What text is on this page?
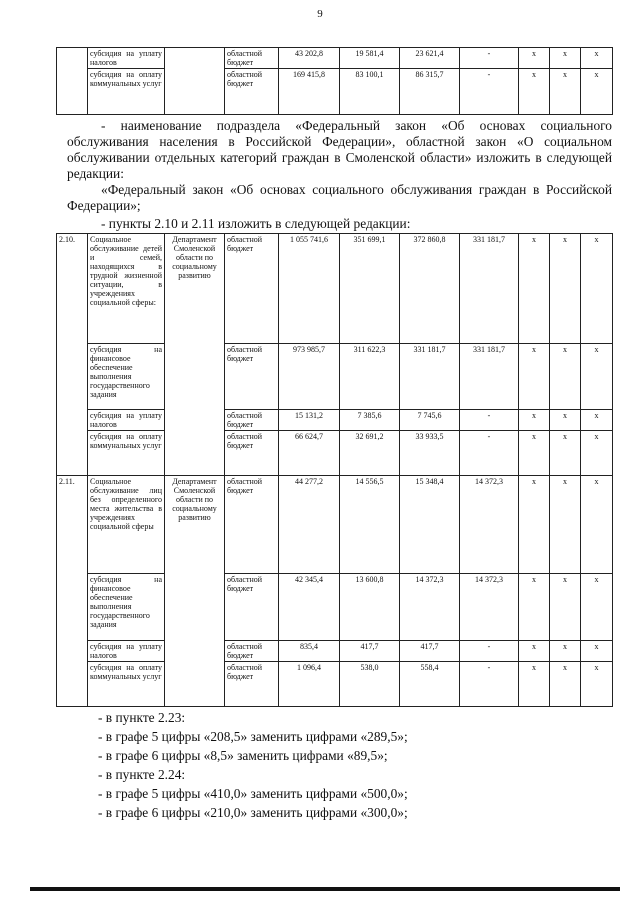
9
	субсидия на уплату налогов		областной бюджет	43 202,8	19 581,4	23 621,4	-	x	x	x
	субсидия на оплату коммунальных услуг		областной бюджет	169 415,8	83 100,1	86 315,7	-	x	x	x
- наименование подраздела «Федеральный закон «Об основах социального обслуживания населения в Российской Федерации», областной закон «О социальном обслуживании отдельных категорий граждан в Смоленской области» изложить в следующей редакции:
«Федеральный закон «Об основах социального обслуживания граждан в Российской Федерации»;
- пункты 2.10 и 2.11 изложить в следующей редакции:
2.10.	Социальное обслуживание детей и семей, находящихся в трудной жизненной ситуации, в учреждениях социальной сферы:	Департамент Смоленской области по социальному развитию	областной бюджет	1 055 741,6	351 699,1	372 860,8	331 181,7	x	x	x
	субсидия на финансовое обеспечение выполнения государственного задания		областной бюджет	973 985,7	311 622,3	331 181,7	331 181,7	x	x	x
	субсидия на уплату налогов		областной бюджет	15 131,2	7 385,6	7 745,6	-	x	x	x
	субсидия на оплату коммунальных услуг		областной бюджет	66 624,7	32 691,2	33 933,5	-	x	x	x
2.11.	Социальное обслуживание лиц без определенного места жительства в учреждениях социальной сферы	Департамент Смоленской области по социальному развитию	областной бюджет	44 277,2	14 556,5	15 348,4	14 372,3	x	x	x
	субсидия на финансовое обеспечение выполнения государственного задания		областной бюджет	42 345,4	13 600,8	14 372,3	14 372,3	x	x	x
	субсидия на уплату налогов		областной бюджет	835,4	417,7	417,7	-	x	x	x
	субсидия на оплату коммунальных услуг		областной бюджет	1 096,4	538,0	558,4	-	x	x	x
- в пункте 2.23:
- в графе 5 цифры «208,5» заменить цифрами «289,5»;
- в графе 6 цифры «8,5» заменить цифрами «89,5»;
- в пункте 2.24:
- в графе 5 цифры «410,0» заменить цифрами «500,0»;
- в графе 6 цифры «210,0» заменить цифрами «300,0»;
